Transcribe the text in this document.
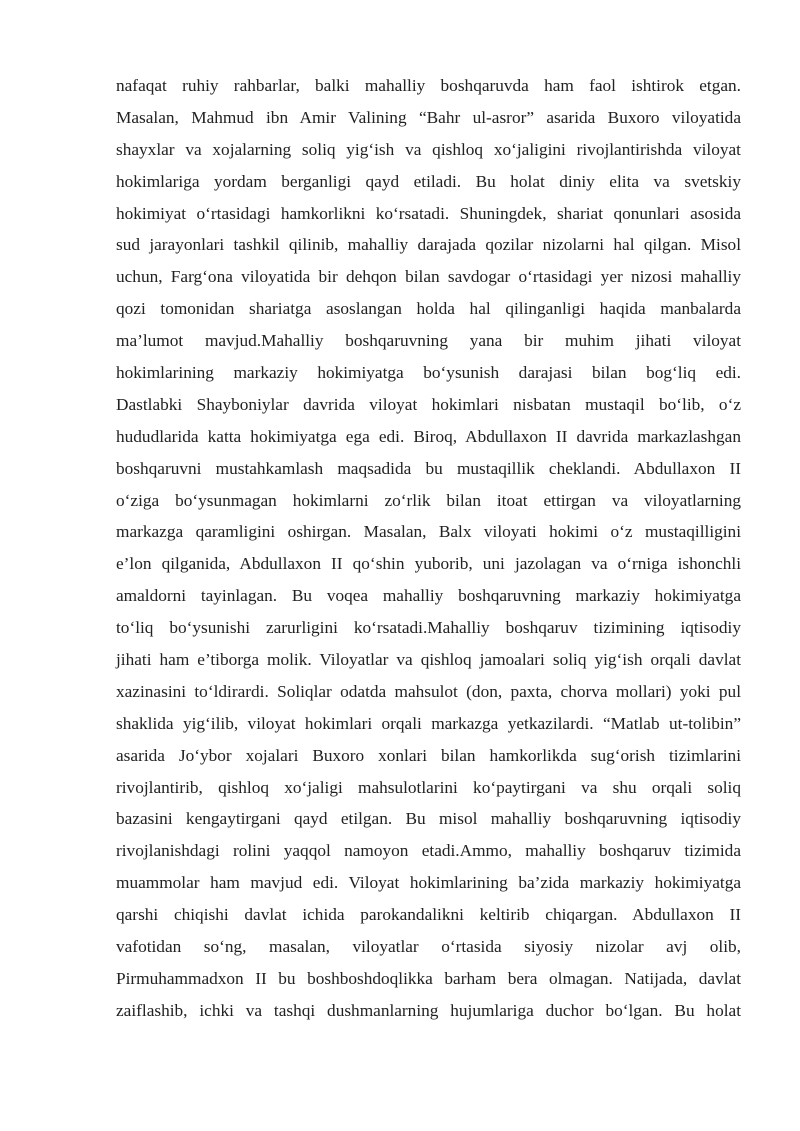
nafaqat ruhiy rahbarlar, balki mahalliy boshqaruvda ham faol ishtirok etgan.
Masalan, Mahmud ibn Amir Valining “Bahr ul-asror” asarida Buxoro viloyatida
shayxlar va xojalarning soliq yig‘ish va qishloq xo‘jaligini rivojlantirishda viloyat
hokimlariga yordam berganligi qayd etiladi. Bu holat diniy elita va svetskiy
hokimiyat o‘rtasidagi hamkorlikni ko‘rsatadi. Shuningdek, shariat qonunlari asosida
sud jarayonlari tashkil qilinib, mahalliy darajada qozilar nizolarni hal qilgan. Misol
uchun, Farg‘ona viloyatida bir dehqon bilan savdogar o‘rtasidagi yer nizosi mahalliy
qozi tomonidan shariatga asoslangan holda hal qilinganligi haqida manbalarda
ma’lumot mavjud.Mahalliy boshqaruvning yana bir muhim jihati viloyat
hokimlarining markaziy hokimiyatga bo‘ysunish darajasi bilan bog‘liq edi.
Dastlabki Shayboniylar davrida viloyat hokimlari nisbatan mustaqil bo‘lib, o‘z
hududlarida katta hokimiyatga ega edi. Biroq, Abdullaxon II davrida markazlashgan
boshqaruvni mustahkamlash maqsadida bu mustaqillik cheklandi. Abdullaxon II
o‘ziga bo‘ysunmagan hokimlarni zo‘rlik bilan itoat ettirgan va viloyatlarning
markazga qaramligini oshirgan. Masalan, Balx viloyati hokimi o‘z mustaqilligini
e’lon qilganida, Abdullaxon II qo‘shin yuborib, uni jazolagan va o‘rniga ishonchli
amaldorni tayinlagan. Bu voqea mahalliy boshqaruvning markaziy hokimiyatga
to‘liq bo‘ysunishi zarurligini ko‘rsatadi.Mahalliy boshqaruv tizimining iqtisodiy
jihati ham e’tiborga molik. Viloyatlar va qishloq jamoalari soliq yig‘ish orqali davlat
xazinasini to‘ldirardi. Soliqlar odatda mahsulot (don, paxta, chorva mollari) yoki pul
shaklida yig‘ilib, viloyat hokimlari orqali markazga yetkazilardi. “Matlab ut-tolibin”
asarida Jo‘ybor xojalari Buxoro xonlari bilan hamkorlikda sug‘orish tizimlarini
rivojlantirib, qishloq xo‘jaligi mahsulotlarini ko‘paytirgani va shu orqali soliq
bazasini kengaytirgani qayd etilgan. Bu misol mahalliy boshqaruvning iqtisodiy
rivojlanishdagi rolini yaqqol namoyon etadi.Ammo, mahalliy boshqaruv tizimida
muammolar ham mavjud edi. Viloyat hokimlarining ba’zida markaziy hokimiyatga
qarshi chiqishi davlat ichida parokandalikni keltirib chiqargan. Abdullaxon II
vafotidan so‘ng, masalan, viloyatlar o‘rtasida siyosiy nizolar avj olib,
Pirmuhammadxon II bu boshboshdoqlikka barham bera olmagan. Natijada, davlat
zaiflashib, ichki va tashqi dushmanlarning hujumlariga duchor bo‘lgan. Bu holat
